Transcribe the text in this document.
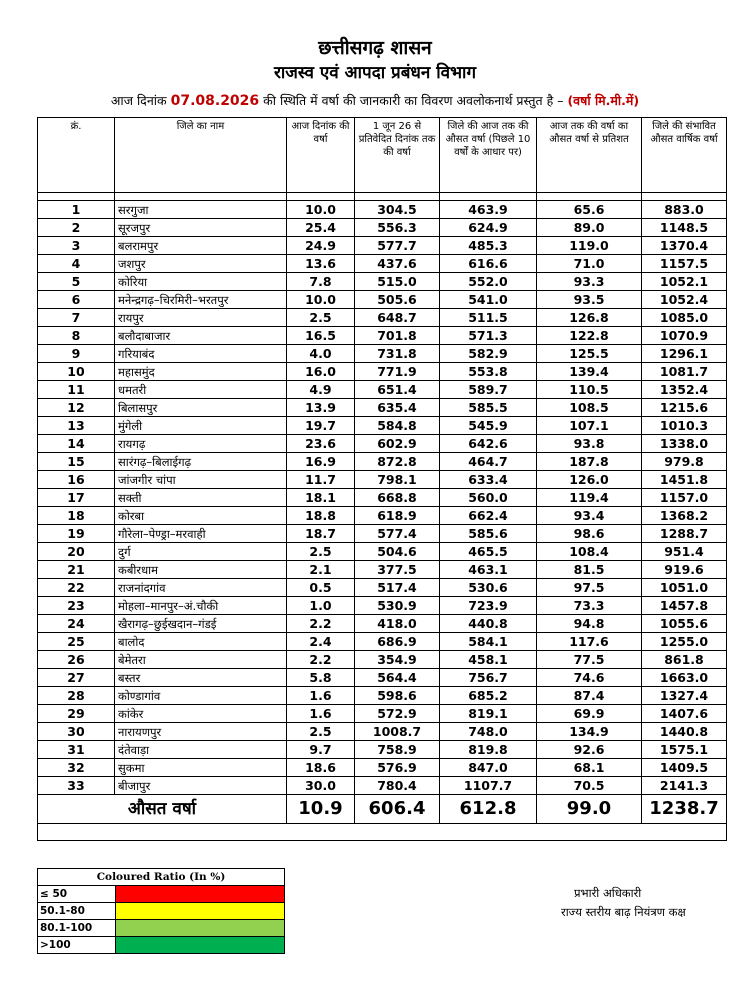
छत्तीसगढ़ शासन
राजस्व एवं आपदा प्रबंधन विभाग
आज दिनांक 07.08.2026 की स्थिति में वर्षा की जानकारी का विवरण अवलोकनार्थ प्रस्तुत है – (वर्षा मि.मी.में)
क्रं.	जिले का नाम	आज दिनांक की वर्षा	1 जून 26 से प्रतिवेदित दिनांक तक की वर्षा	जिले की आज तक की औसत वर्षा (पिछले 10 वर्षों के आधार पर)	आज तक की वर्षा का औसत वर्षा से प्रतिशत	जिले की संभावित औसत वार्षिक वर्षा

1	सरगुजा	10.0	304.5	463.9	65.6	883.0
2	सूरजपुर	25.4	556.3	624.9	89.0	1148.5
3	बलरामपुर	24.9	577.7	485.3	119.0	1370.4
4	जशपुर	13.6	437.6	616.6	71.0	1157.5
5	कोरिया	7.8	515.0	552.0	93.3	1052.1
6	मनेन्द्रगढ़–चिरमिरी–भरतपुर	10.0	505.6	541.0	93.5	1052.4
7	रायपुर	2.5	648.7	511.5	126.8	1085.0
8	बलौदाबाजार	16.5	701.8	571.3	122.8	1070.9
9	गरियाबंद	4.0	731.8	582.9	125.5	1296.1
10	महासमुंद	16.0	771.9	553.8	139.4	1081.7
11	धमतरी	4.9	651.4	589.7	110.5	1352.4
12	बिलासपुर	13.9	635.4	585.5	108.5	1215.6
13	मुंगेली	19.7	584.8	545.9	107.1	1010.3
14	रायगढ़	23.6	602.9	642.6	93.8	1338.0
15	सारंगढ़–बिलाईगढ़	16.9	872.8	464.7	187.8	979.8
16	जांजगीर चांपा	11.7	798.1	633.4	126.0	1451.8
17	सक्ती	18.1	668.8	560.0	119.4	1157.0
18	कोरबा	18.8	618.9	662.4	93.4	1368.2
19	गौरेला–पेण्ड्रा–मरवाही	18.7	577.4	585.6	98.6	1288.7
20	दुर्ग	2.5	504.6	465.5	108.4	951.4
21	कबीरधाम	2.1	377.5	463.1	81.5	919.6
22	राजनांदगांव	0.5	517.4	530.6	97.5	1051.0
23	मोहला–मानपुर–अं.चौकी	1.0	530.9	723.9	73.3	1457.8
24	खैरागढ़–छुईखदान–गंडई	2.2	418.0	440.8	94.8	1055.6
25	बालोद	2.4	686.9	584.1	117.6	1255.0
26	बेमेतरा	2.2	354.9	458.1	77.5	861.8
27	बस्तर	5.8	564.4	756.7	74.6	1663.0
28	कोण्डागांव	1.6	598.6	685.2	87.4	1327.4
29	कांकेर	1.6	572.9	819.1	69.9	1407.6
30	नारायणपुर	2.5	1008.7	748.0	134.9	1440.8
31	दंतेवाड़ा	9.7	758.9	819.8	92.6	1575.1
32	सुकमा	18.6	576.9	847.0	68.1	1409.5
33	बीजापुर	30.0	780.4	1107.7	70.5	2141.3
औसत वर्षा		10.9	606.4	612.8	99.0	1238.7

Coloured Ratio (In %)	
≤ 50	
50.1-80	
80.1-100	
>100	
प्रभारी अधिकारी
राज्य स्तरीय बाढ़ नियंत्रण कक्ष
